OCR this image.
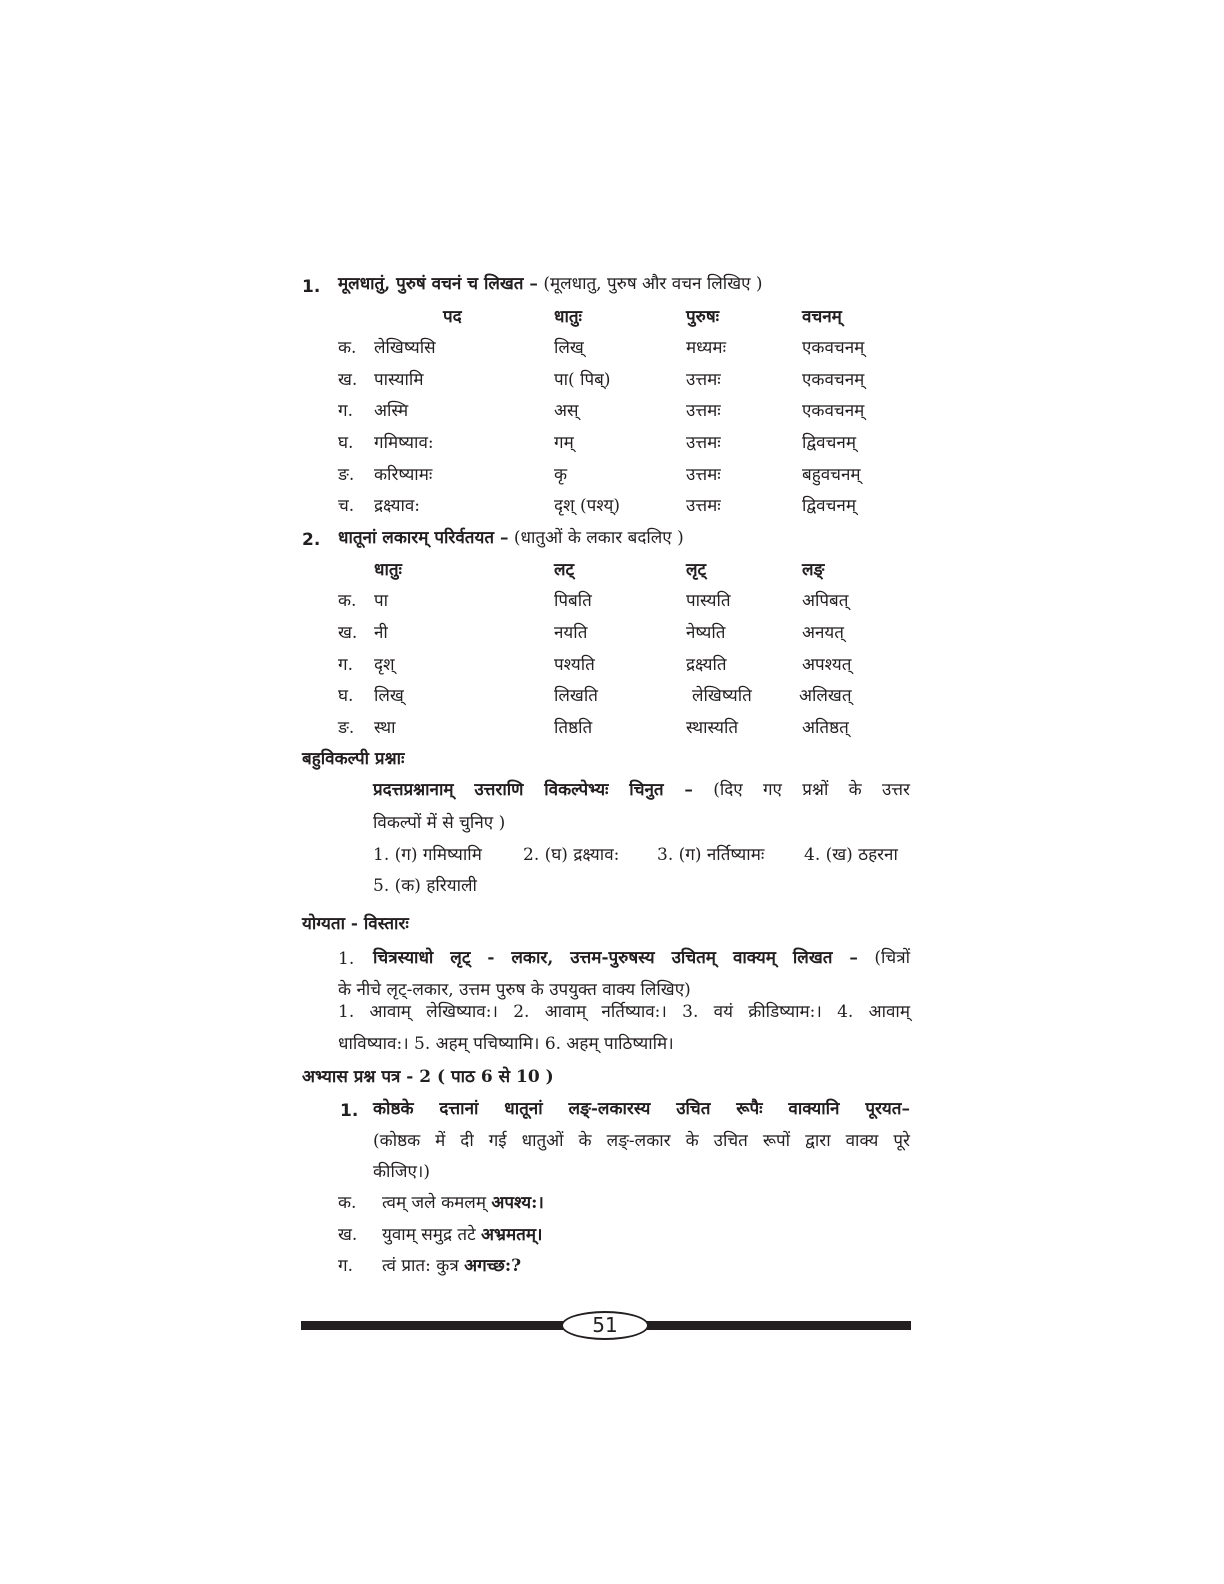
1. मूलधातुं, पुरुषं वचनं च लिखत – (मूलधातु, पुरुष और वचन लिखिए )
पद	धातुः	पुरुषः	वचनम्
क. लेखिष्यसि	लिख्	मध्यमः	एकवचनम्
ख. पास्यामि	पा( पिब्)	उत्तमः	एकवचनम्
ग. अस्मि	अस्	उत्तमः	एकवचनम्
घ. गमिष्याव:	गम्	उत्तमः	द्विवचनम्
ङ. करिष्यामः	कृ	उत्तमः	बहुवचनम्
च. द्रक्ष्याव:	दृश् (पश्य्)	उत्तमः	द्विवचनम्
2. धातूनां लकारम् परिर्वतयत – (धातुओं के लकार बदलिए )
धातुः	लट्	लृट्	लङ्
क. पा	पिबति	पास्यति	अपिबत्
ख. नी	नयति	नेष्यति	अनयत्
ग. दृश्	पश्यति	द्रक्ष्यति	अपश्यत्
घ. लिख्	लिखति	लेखिष्यति	अलिखत्
ङ. स्था	तिष्ठति	स्थास्यति	अतिष्ठत्
बहुविकल्पी प्रश्नाः
प्रदत्तप्रश्नानाम् उत्तराणि विकल्पेभ्यः चिनुत – (दिए गए प्रश्नों के उत्तर
विकल्पों में से चुनिए )
1. (ग) गमिष्यामि 2. (घ) द्रक्ष्याव: 3. (ग) नर्तिष्यामः 4. (ख) ठहरना
5. (क) हरियाली
योग्यता - विस्तारः
1. चित्रस्याधो लृट् - लकार, उत्तम-पुरुषस्य उचितम् वाक्यम् लिखत – (चित्रों
के नीचे लृट्-लकार, उत्तम पुरुष के उपयुक्त वाक्य लिखिए)
1. आवाम् लेखिष्याव:। 2. आवाम् नर्तिष्याव:। 3. वयं क्रीडिष्याम:। 4. आवाम्
धाविष्याव:। 5. अहम् पचिष्यामि। 6. अहम् पाठिष्यामि।
अभ्यास प्रश्न पत्र - 2 ( पाठ 6 से 10 )
1. कोष्ठके दत्तानां धातूनां लङ्-लकारस्य उचित रूपैः वाक्यानि पूरयत–
(कोष्ठक में दी गई धातुओं के लङ्-लकार के उचित रूपों द्वारा वाक्य पूरे
कीजिए।)
क. त्वम् जले कमलम् अपश्य:।
ख. युवाम् समुद्र तटे अभ्रमतम्।
ग. त्वं प्रात: कुत्र अगच्छ:?
51
